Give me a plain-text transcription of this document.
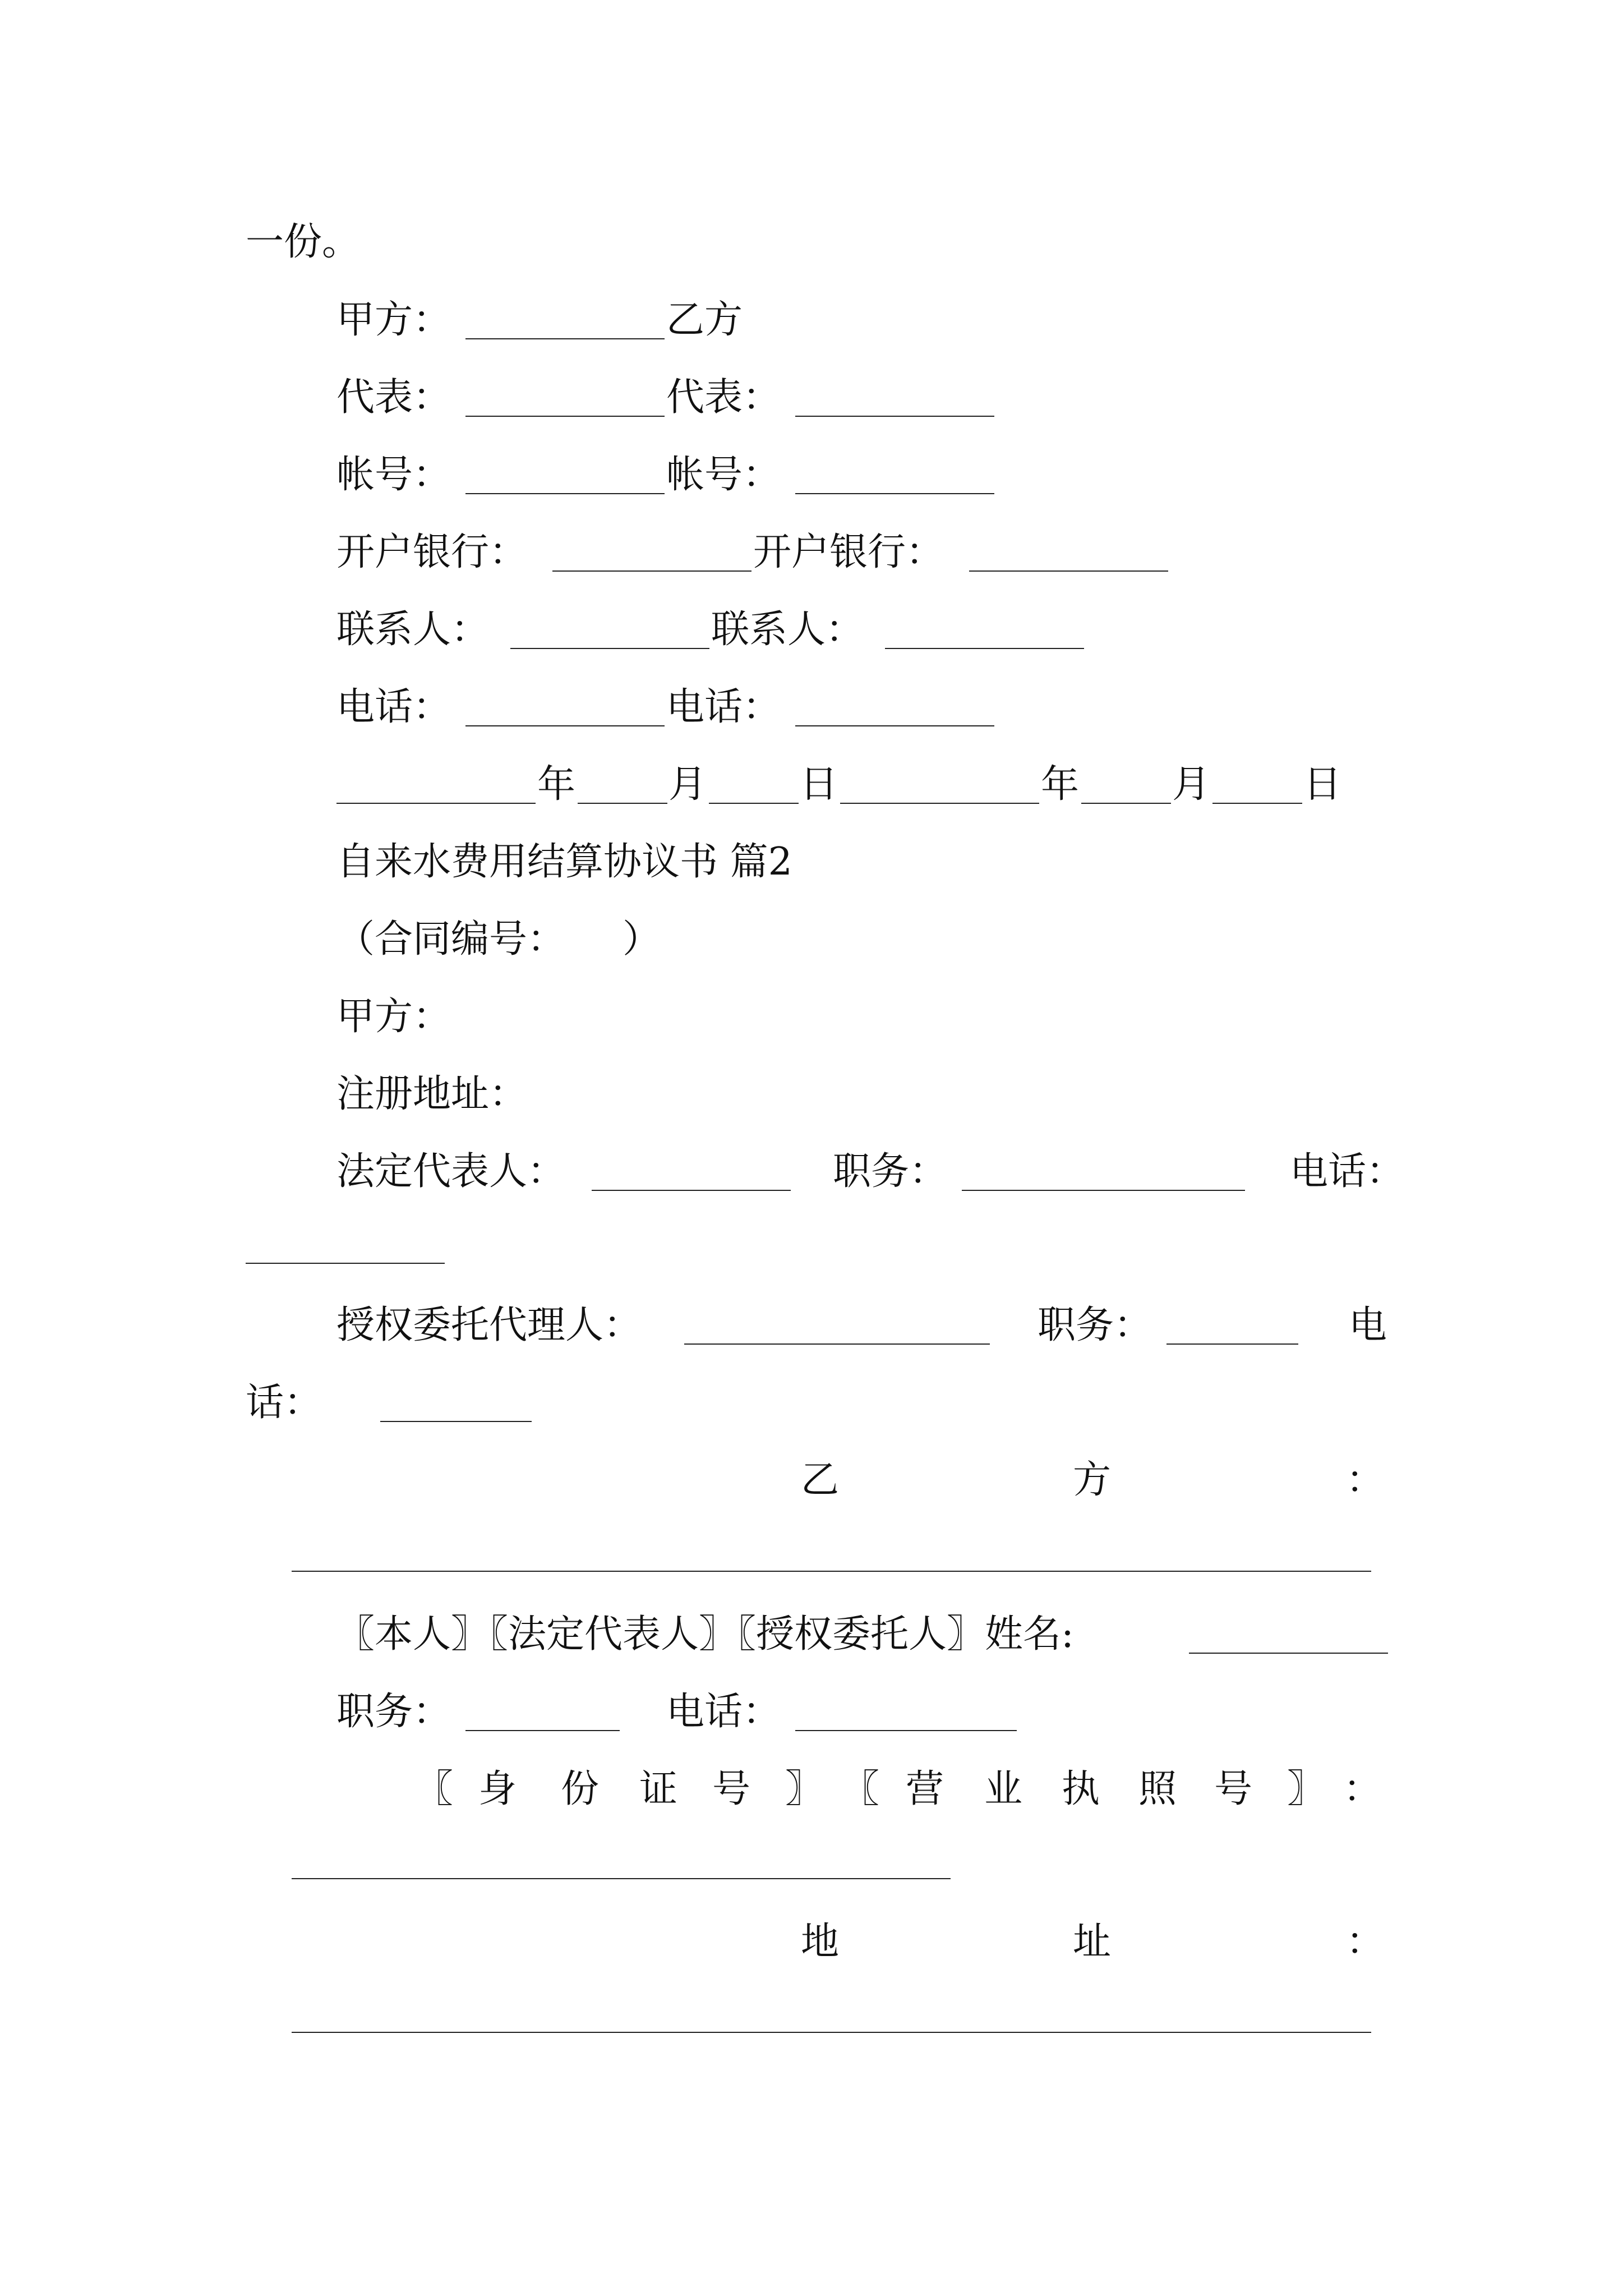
一份。
甲方：	乙方
代表：	代表：
帐号：	帐号：
开户银行：	开户银行：
联系人：	联系人：
电话：	电话：
年 月 日	年 月 日
自来水费用结算协议书 篇2
（合同编号：　　）
甲方：
注册地址：
法定代表人：	职务：	电话：
授权委托代理人：	职务：	电
话：
乙	方	：
〖本人〗〖法定代表人〗〖授权委托人〗姓名:
职务：	电话：
〖 身 份 证 号 〗 〖 营 业 执 照 号 〗 ：
地	址	：
